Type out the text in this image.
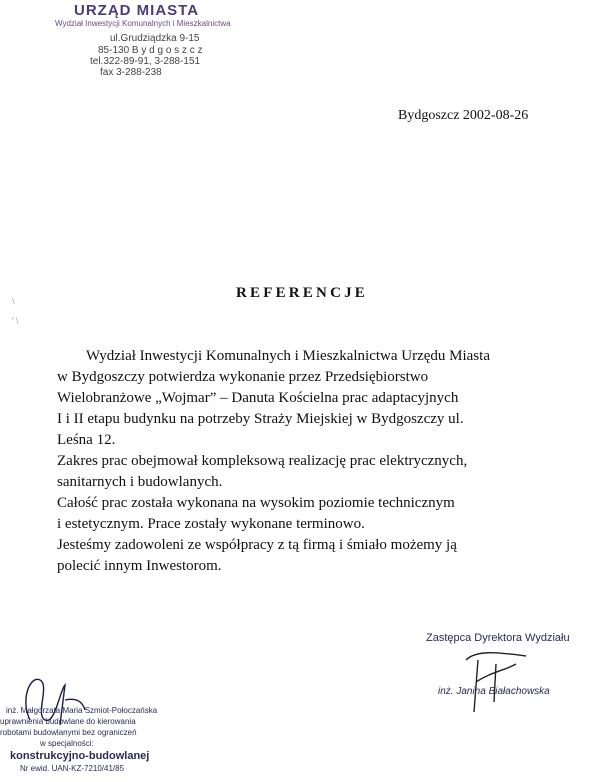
URZĄD MIASTA
Wydział Inwestycji Komunalnych i Mieszkalnictwa
ul.Grudziądzka 9-15
85-130 B y d g o s z c z
tel.322-89-91, 3-288-151
fax 3-288-238
Bydgoszcz 2002-08-26
\

' \
REFERENCJE
Wydział Inwestycji Komunalnych i Mieszkalnictwa Urzędu Miasta
w Bydgoszczy potwierdza wykonanie przez Przedsiębiorstwo
Wielobranżowe „Wojmar” – Danuta Kościelna prac adaptacyjnych
I i II etapu budynku na potrzeby Straży Miejskiej w Bydgoszczy ul.
Leśna 12.
Zakres prac obejmował kompleksową realizację prac elektrycznych,
sanitarnych i budowlanych.
Całość prac została wykonana na wysokim poziomie technicznym
i estetycznym. Prace zostały wykonane terminowo.
Jesteśmy zadowoleni ze współpracy z tą firmą i śmiało możemy ją
polecić innym Inwestorom.
Zastępca Dyrektora Wydziału
inż. Janina Białachowska
inż. Małgorzata Maria Szmiot-Połoczańska
uprawnienia budowlane do kierowania
robotami budowlanymi bez ograniczeń
w specjalności:
konstrukcyjno-budowlanej
Nr ewid. UAN-KZ-7210/41/85
